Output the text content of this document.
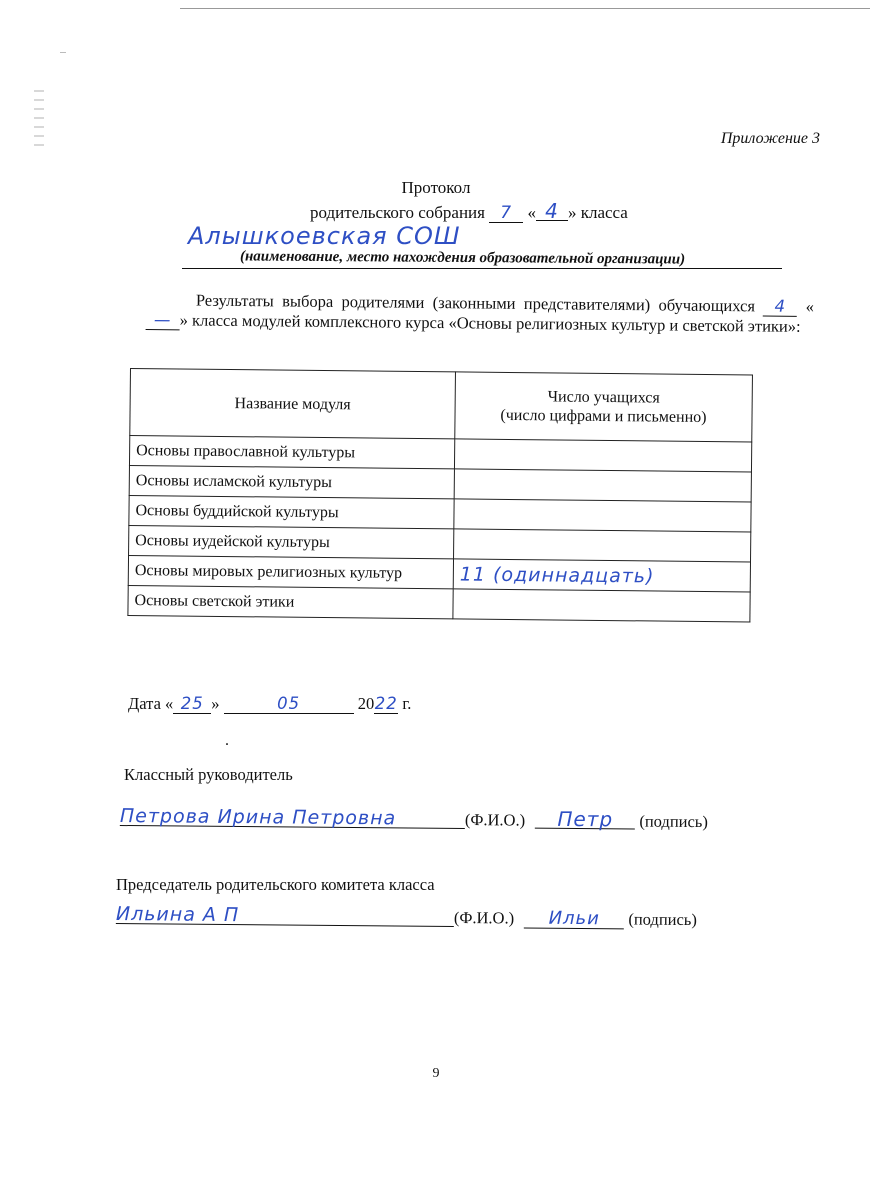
Приложение 3
Протокол
родительского собрания 7 « 4 » класса
Алышкоевская СОШ
(наименование, место нахождения образовательной организации)
Результаты выбора родителями (законными представителями) обучающихся 4 «— » класса модулей комплексного курса «Основы религиозных культур и светской этики»:
Название модуля	Число учащихся
(число цифрами и письменно)

Основы православной культуры	
Основы исламской культуры	
Основы буддийской культуры	
Основы иудейской культуры	
Основы мировых религиозных культур	11 (одиннадцать)
Основы светской этики	
Дата « 25 »	05	2022 г.
.
Классный руководитель
Петрова Ирина Петровна	(Ф.И.О.) Петр (подпись)
Председатель родительского комитета класса
Ильина А П	(Ф.И.О.) Ильи (подпись)
9
